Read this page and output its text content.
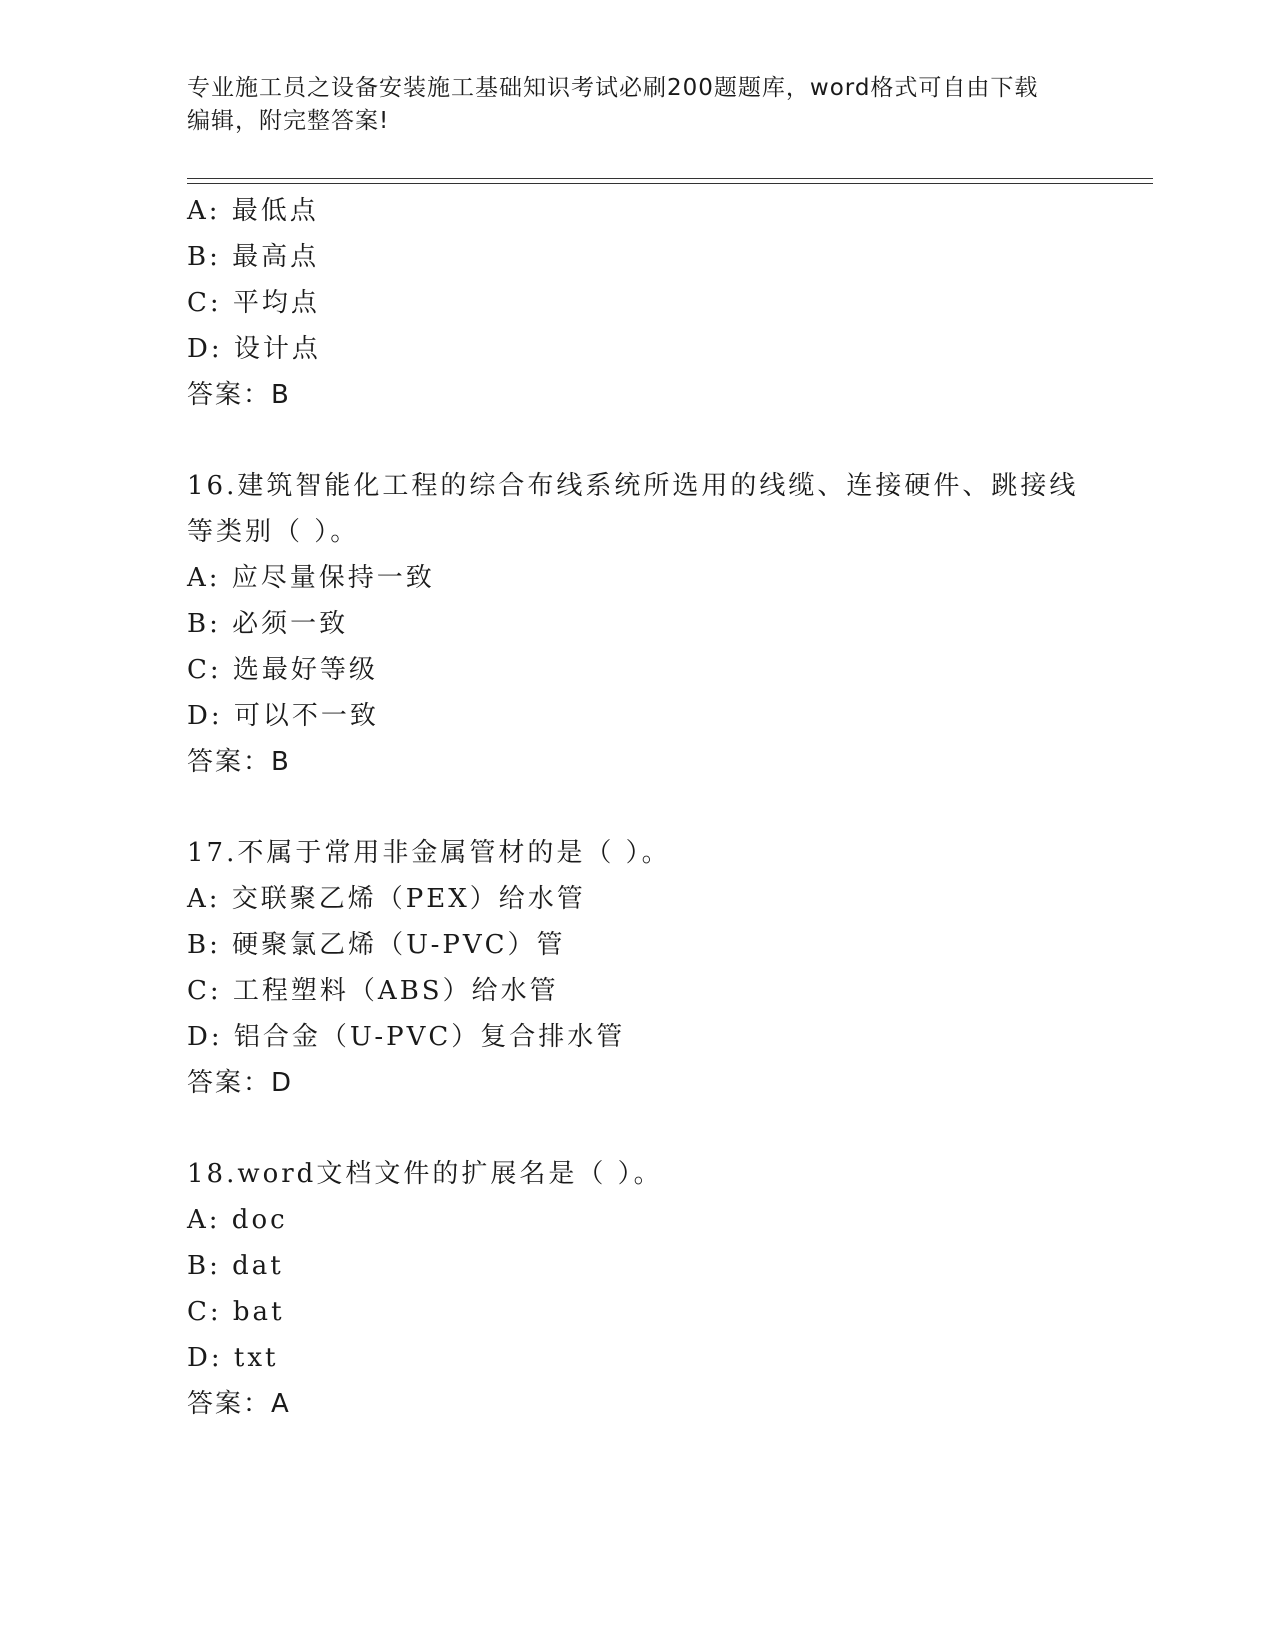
专业施工员之设备安装施工基础知识考试必刷200题题库，word格式可自由下载
编辑，附完整答案!
A: 最低点
B: 最高点
C: 平均点
D: 设计点
答案：B
16.建筑智能化工程的综合布线系统所选用的线缆、连接硬件、跳接线
等类别（ ）。
A: 应尽量保持一致
B: 必须一致
C: 选最好等级
D: 可以不一致
答案：B
17.不属于常用非金属管材的是（ ）。
A: 交联聚乙烯（PEX）给水管
B: 硬聚氯乙烯（U-PVC）管
C: 工程塑料（ABS）给水管
D: 铝合金（U-PVC）复合排水管
答案：D
18.word文档文件的扩展名是（ ）。
A: doc
B: dat
C: bat
D: txt
答案：A
